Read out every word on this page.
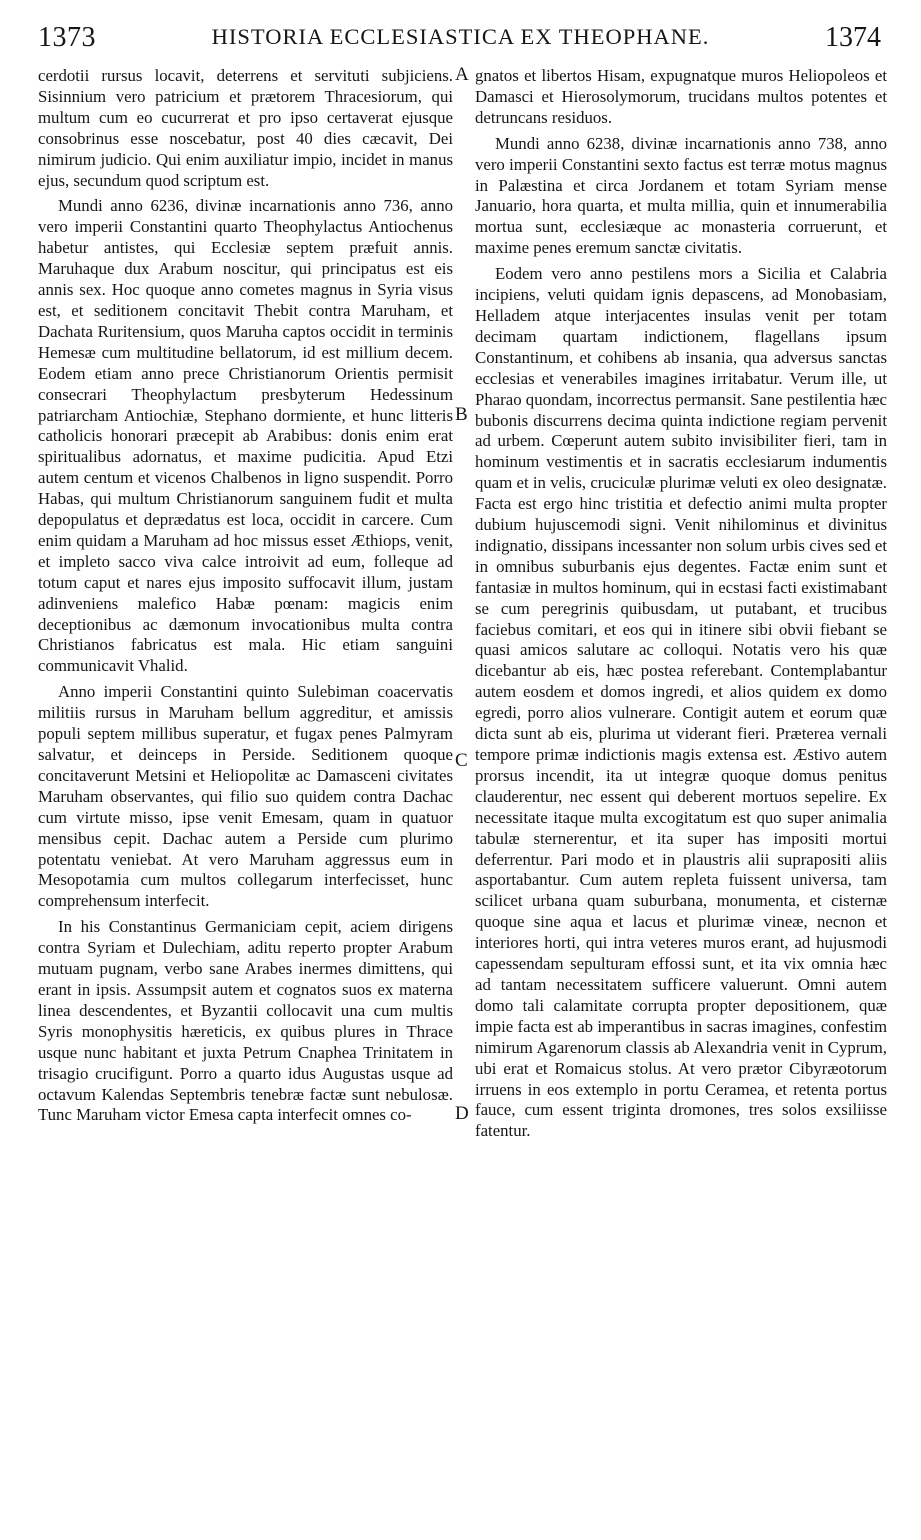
1373	HISTORIA ECCLESIASTICA EX THEOPHANE.	1374

cerdotii rursus locavit, deterrens et servituti subjiciens. Sisinnium vero patricium et prætorem Thracesiorum, qui multum cum eo cucurrerat et pro ipso certaverat ejusque consobrinus esse noscebatur, post 40 dies cæcavit, Dei nimirum judicio. Qui enim auxiliatur impio, incidet in manus ejus, secundum quod scriptum est.

Mundi anno 6236, divinæ incarnationis anno 736, anno vero imperii Constantini quarto Theophylactus Antiochenus habetur antistes, qui Ecclesiæ septem præfuit annis. Maruhaque dux Arabum noscitur, qui principatus est eis annis sex. Hoc quoque anno cometes magnus in Syria visus est, et seditionem concitavit Thebit contra Maruham, et Dachata Ruritensium, quos Maruha captos occidit in terminis Hemesæ cum multitudine bellatorum, id est millium decem. Eodem etiam anno prece Christianorum Orientis permisit consecrari Theophylactum presbyterum Hedessinum patriarcham Antiochiæ, Stephano dormiente, et hunc litteris catholicis honorari præcepit ab Arabibus: donis enim erat spiritualibus adornatus, et maxime pudicitia. Apud Etzi autem centum et vicenos Chalbenos in ligno suspendit. Porro Habas, qui multum Christianorum sanguinem fudit et multa depopulatus et deprædatus est loca, occidit in carcere. Cum enim quidam a Maruham ad hoc missus esset Æthiops, venit, et impleto sacco viva calce introivit ad eum, folleque ad totum caput et nares ejus imposito suffocavit illum, justam adinveniens malefico Habæ pœnam: magicis enim deceptionibus ac dæmonum invocationibus multa contra Christianos fabricatus est mala. Hic etiam sanguini communicavit Vhalid.

Anno imperii Constantini quinto Sulebiman coacervatis militiis rursus in Maruham bellum aggreditur, et amissis populi septem millibus superatur, et fugax penes Palmyram salvatur, et deinceps in Perside. Seditionem quoque concitaverunt Metsini et Heliopolitæ ac Damasceni civitates Maruham observantes, qui filio suo quidem contra Dachac cum virtute misso, ipse venit Emesam, quam in quatuor mensibus cepit. Dachac autem a Perside cum plurimo potentatu veniebat. At vero Maruham aggressus eum in Mesopotamia cum multos collegarum interfecisset, hunc comprehensum interfecit.

In his Constantinus Germaniciam cepit, aciem dirigens contra Syriam et Dulechiam, aditu reperto propter Arabum mutuam pugnam, verbo sane Arabes inermes dimittens, qui erant in ipsis. Assumpsit autem et cognatos suos ex materna linea descendentes, et Byzantii collocavit una cum multis Syris monophysitis hæreticis, ex quibus plures in Thrace usque nunc habitant et juxta Petrum Cnaphea Trinitatem in trisagio crucifigunt. Porro a quarto idus Augustas usque ad octavum Kalendas Septembris tenebræ factæ sunt nebulosæ. Tunc Maruham victor Emesa capta interfecit omnes co-

A
B
C
D

gnatos et libertos Hisam, expugnatque muros Heliopoleos et Damasci et Hierosolymorum, trucidans multos potentes et detruncans residuos.

Mundi anno 6238, divinæ incarnationis anno 738, anno vero imperii Constantini sexto factus est terræ motus magnus in Palæstina et circa Jordanem et totam Syriam mense Januario, hora quarta, et multa millia, quin et innumerabilia mortua sunt, ecclesiæque ac monasteria corruerunt, et maxime penes eremum sanctæ civitatis.

Eodem vero anno pestilens mors a Sicilia et Calabria incipiens, veluti quidam ignis depascens, ad Monobasiam, Helladem atque interjacentes insulas venit per totam decimam quartam indictionem, flagellans ipsum Constantinum, et cohibens ab insania, qua adversus sanctas ecclesias et venerabiles imagines irritabatur. Verum ille, ut Pharao quondam, incorrectus permansit. Sane pestilentia hæc bubonis discurrens decima quinta indictione regiam pervenit ad urbem. Cœperunt autem subito invisibiliter fieri, tam in hominum vestimentis et in sacratis ecclesiarum indumentis quam et in velis, cruciculæ plurimæ veluti ex oleo designatæ. Facta est ergo hinc tristitia et defectio animi multa propter dubium hujuscemodi signi. Venit nihilominus et divinitus indignatio, dissipans incessanter non solum urbis cives sed et in omnibus suburbanis ejus degentes. Factæ enim sunt et fantasiæ in multos hominum, qui in ecstasi facti existimabant se cum peregrinis quibusdam, ut putabant, et trucibus faciebus comitari, et eos qui in itinere sibi obvii fiebant se quasi amicos salutare ac colloqui. Notatis vero his quæ dicebantur ab eis, hæc postea referebant. Contemplabantur autem eosdem et domos ingredi, et alios quidem ex domo egredi, porro alios vulnerare. Contigit autem et eorum quæ dicta sunt ab eis, plurima ut viderant fieri. Præterea vernali tempore primæ indictionis magis extensa est. Æstivo autem prorsus incendit, ita ut integræ quoque domus penitus clauderentur, nec essent qui deberent mortuos sepelire. Ex necessitate itaque multa excogitatum est quo super animalia tabulæ sternerentur, et ita super has impositi mortui deferrentur. Pari modo et in plaustris alii suprapositi aliis asportabantur. Cum autem repleta fuissent universa, tam scilicet urbana quam suburbana, monumenta, et cisternæ quoque sine aqua et lacus et plurimæ vineæ, necnon et interiores horti, qui intra veteres muros erant, ad hujusmodi capessendam sepulturam effossi sunt, et ita vix omnia hæc ad tantam necessitatem sufficere valuerunt. Omni autem domo tali calamitate corrupta propter depositionem, quæ impie facta est ab imperantibus in sacras imagines, confestim nimirum Agarenorum classis ab Alexandria venit in Cyprum, ubi erat et Romaicus stolus. At vero prætor Cibyræotorum irruens in eos extemplo in portu Ceramea, et retenta portus fauce, cum essent triginta dromones, tres solos exsiliisse fatentur.
